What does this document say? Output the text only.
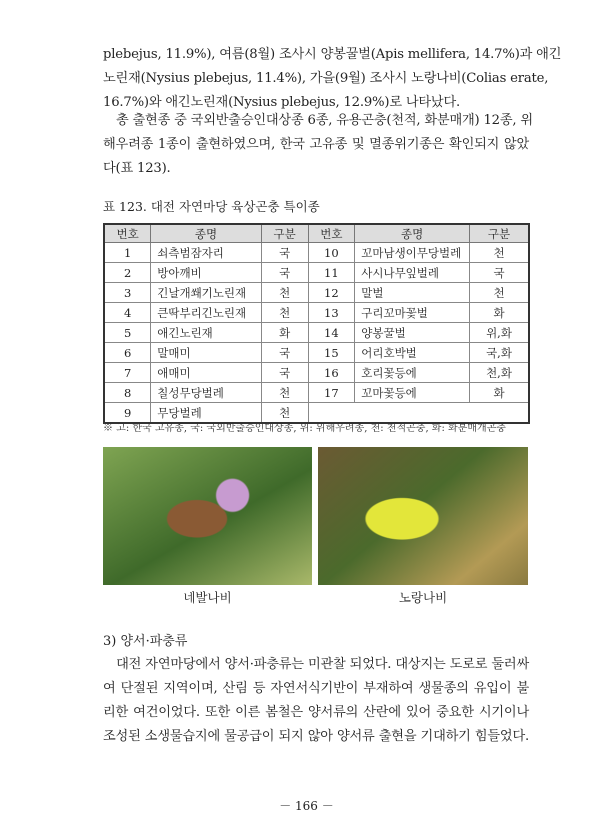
plebejus, 11.9%), 여름(8월) 조사시 양봉꿀벌(Apis mellifera, 14.7%)과 애긴
노린재(Nysius plebejus, 11.4%), 가을(9월) 조사시 노랑나비(Colias erate,
16.7%)와 애긴노린재(Nysius plebejus, 12.9%)로 나타났다.
　총 출현종 중 국외반출승인대상종 6종, 유용곤충(천적, 화분매개) 12종, 위
해우려종 1종이 출현하였으며, 한국 고유종 및 멸종위기종은 확인되지 않았
다(표 123).
표 123. 대전 자연마당 육상곤충 특이종
번호	종명	구분	번호	종명	구분
1	쇠측범잠자리	국	10	꼬마남생이무당벌레	천
2	방아깨비	국	11	사시나무잎벌레	국
3	긴날개쐐기노린재	천	12	말벌	천
4	큰딱부리긴노린재	천	13	구리꼬마꽃벌	화
5	애긴노린재	화	14	양봉꿀벌	위,화
6	말매미	국	15	어리호박벌	국,화
7	애매미	국	16	호리꽃등에	천,화
8	칠성무당벌레	천	17	꼬마꽃등에	화
9	무당벌레	천			
※ 고: 한국 고유종, 국: 국외반출승인대상종, 위: 위해우려종, 천: 천적곤충, 화: 화분매개곤충
네발나비	노랑나비
3) 양서·파충류
　대전 자연마당에서 양서·파충류는 미관찰 되었다. 대상지는 도로로 둘러싸
여 단절된 지역이며, 산림 등 자연서식기반이 부재하여 생물종의 유입이 불
리한 여건이었다. 또한 이른 봄철은 양서류의 산란에 있어 중요한 시기이나
조성된 소생물습지에 물공급이 되지 않아 양서류 출현을 기대하기 힘들었다.
－ 166 －
